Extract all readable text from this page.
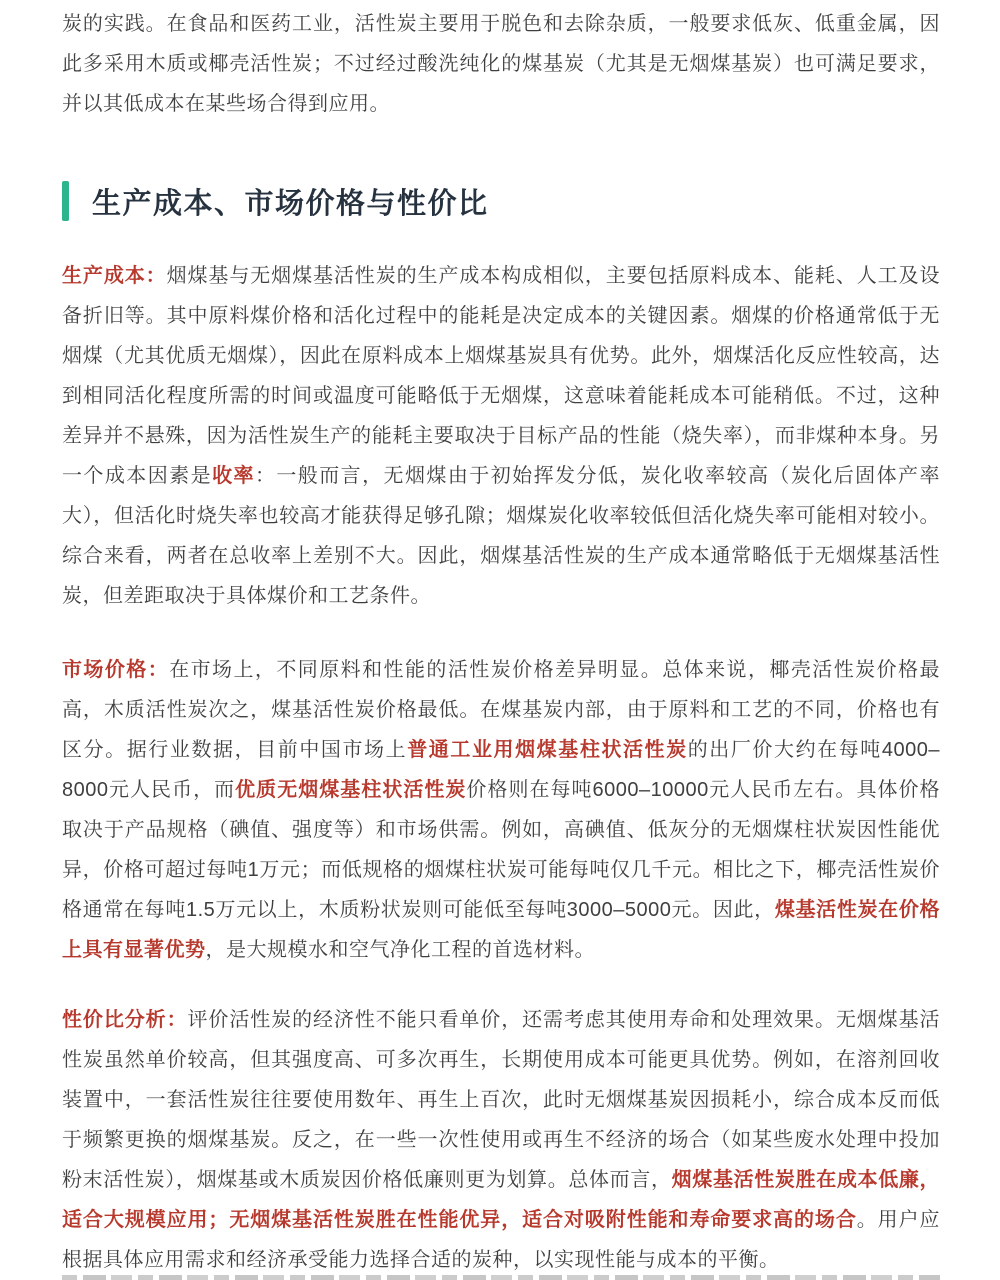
炭的实践。在食品和医药工业，活性炭主要用于脱色和去除杂质，一般要求低灰、低重金属，因此多采用木质或椰壳活性炭；不过经过酸洗纯化的煤基炭（尤其是无烟煤基炭）也可满足要求，并以其低成本在某些场合得到应用。

生产成本、市场价格与性价比

生产成本：烟煤基与无烟煤基活性炭的生产成本构成相似，主要包括原料成本、能耗、人工及设备折旧等。其中原料煤价格和活化过程中的能耗是决定成本的关键因素。烟煤的价格通常低于无烟煤（尤其优质无烟煤），因此在原料成本上烟煤基炭具有优势。此外，烟煤活化反应性较高，达到相同活化程度所需的时间或温度可能略低于无烟煤，这意味着能耗成本可能稍低。不过，这种差异并不悬殊，因为活性炭生产的能耗主要取决于目标产品的性能（烧失率），而非煤种本身。另一个成本因素是收率：一般而言，无烟煤由于初始挥发分低，炭化收率较高（炭化后固体产率大），但活化时烧失率也较高才能获得足够孔隙；烟煤炭化收率较低但活化烧失率可能相对较小。综合来看，两者在总收率上差别不大。因此，烟煤基活性炭的生产成本通常略低于无烟煤基活性炭，但差距取决于具体煤价和工艺条件。

市场价格：在市场上，不同原料和性能的活性炭价格差异明显。总体来说，椰壳活性炭价格最高，木质活性炭次之，煤基活性炭价格最低。在煤基炭内部，由于原料和工艺的不同，价格也有区分。据行业数据，目前中国市场上普通工业用烟煤基柱状活性炭的出厂价大约在每吨4000–8000元人民币，而优质无烟煤基柱状活性炭价格则在每吨6000–10000元人民币左右。具体价格取决于产品规格（碘值、强度等）和市场供需。例如，高碘值、低灰分的无烟煤柱状炭因性能优异，价格可超过每吨1万元；而低规格的烟煤柱状炭可能每吨仅几千元。相比之下，椰壳活性炭价格通常在每吨1.5万元以上，木质粉状炭则可能低至每吨3000–5000元。因此，煤基活性炭在价格上具有显著优势，是大规模水和空气净化工程的首选材料。

性价比分析：评价活性炭的经济性不能只看单价，还需考虑其使用寿命和处理效果。无烟煤基活性炭虽然单价较高，但其强度高、可多次再生，长期使用成本可能更具优势。例如，在溶剂回收装置中，一套活性炭往往要使用数年、再生上百次，此时无烟煤基炭因损耗小，综合成本反而低于频繁更换的烟煤基炭。反之，在一些一次性使用或再生不经济的场合（如某些废水处理中投加粉末活性炭），烟煤基或木质炭因价格低廉则更为划算。总体而言，烟煤基活性炭胜在成本低廉，适合大规模应用；无烟煤基活性炭胜在性能优异，适合对吸附性能和寿命要求高的场合。用户应根据具体应用需求和经济承受能力选择合适的炭种，以实现性能与成本的平衡。
